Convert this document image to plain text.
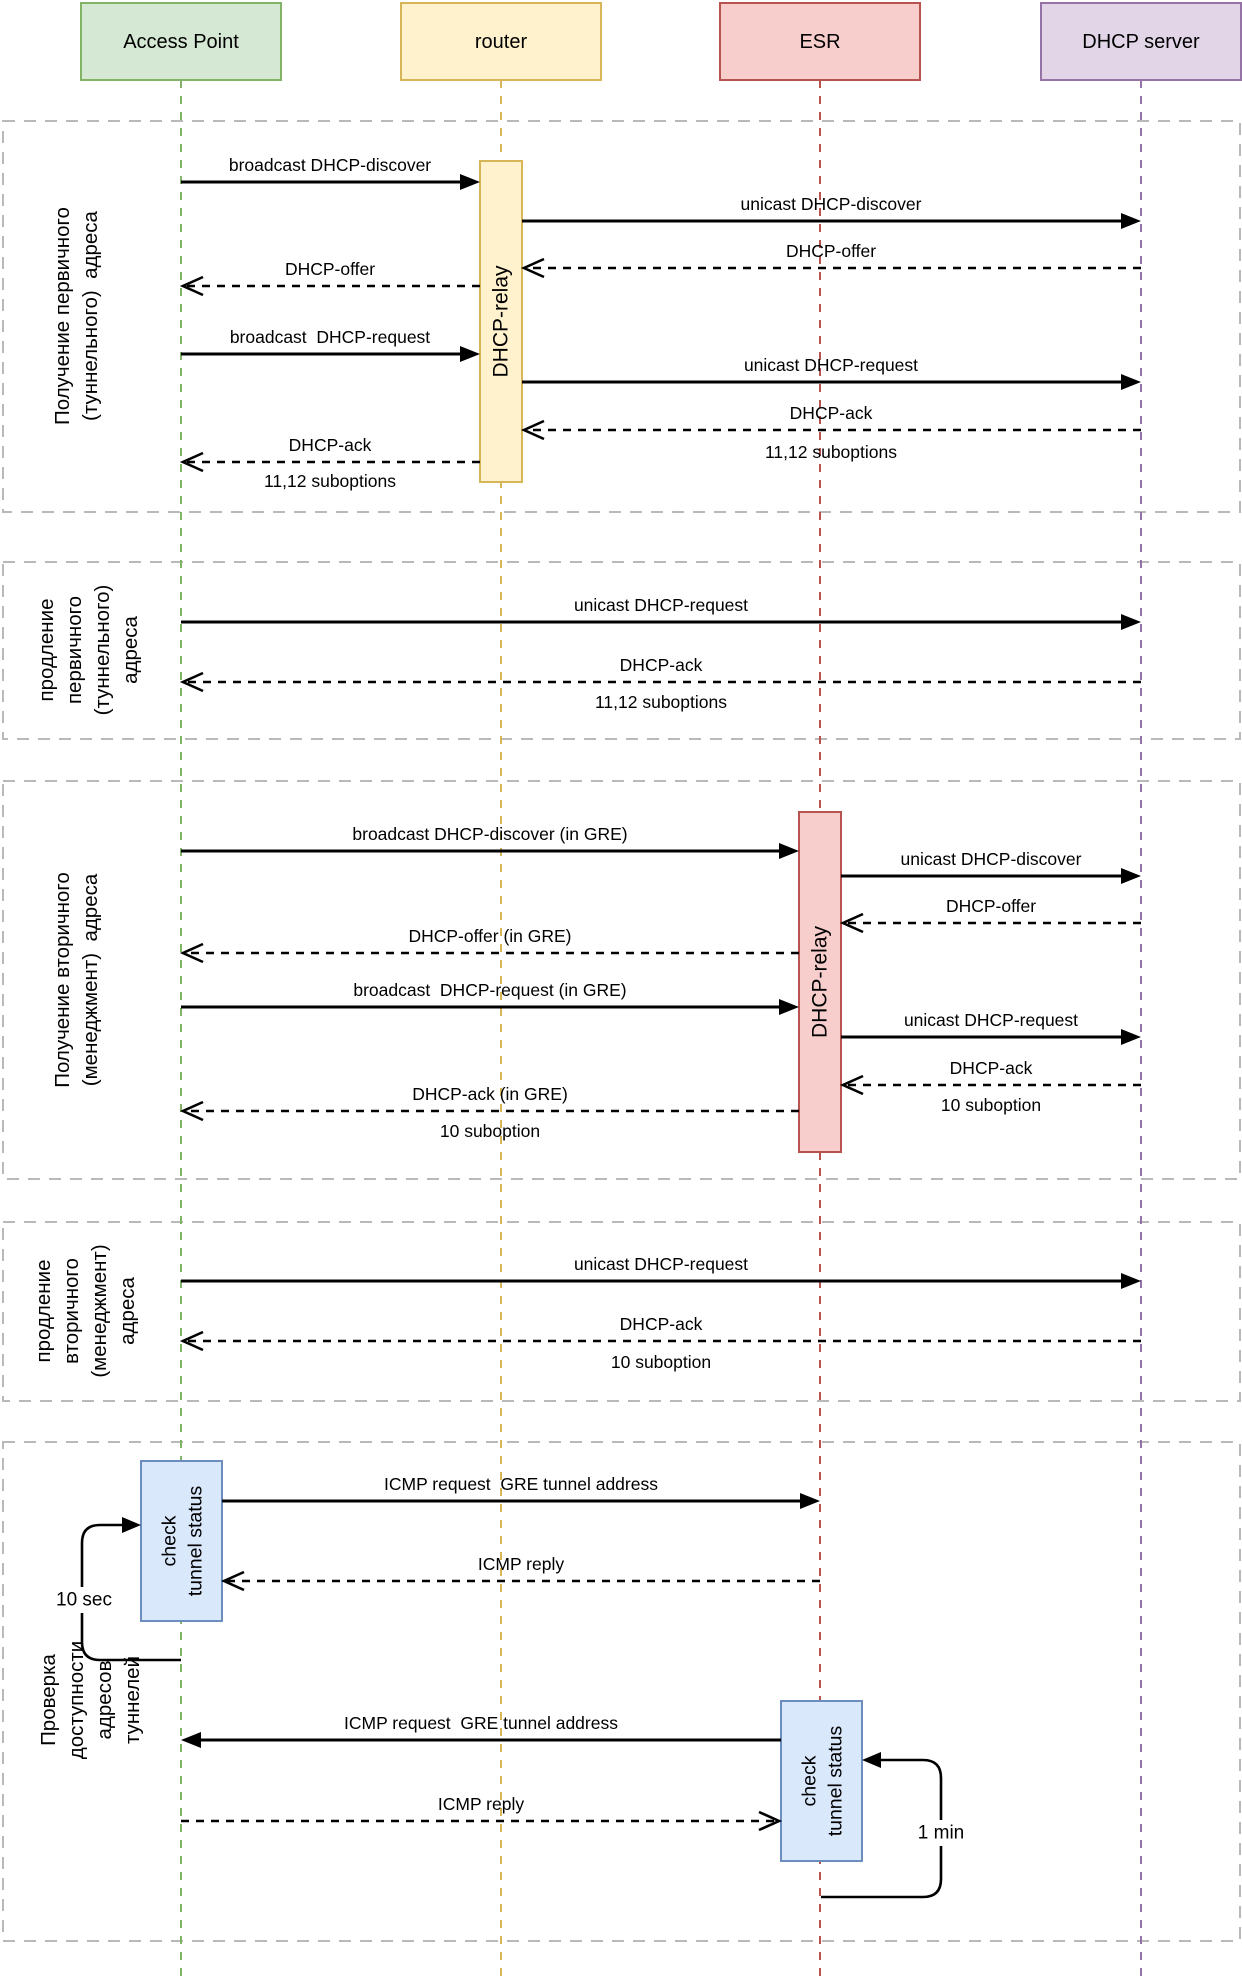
DHCP-relay
DHCP-relay
check tunnel status
check tunnel status
Access Point	router	ESR	DHCP server
Получение первичного (туннельного)  адреса
продление первичного (туннельного) адреса
Получение вторичного (менеджмент)  адреса
продление вторичного (менеджмент) адреса
Проверка доступности адресов туннелей
broadcast DHCP-discover
unicast DHCP-discover
DHCP-offer
DHCP-offer
broadcast  DHCP-request
unicast DHCP-request
DHCP-ack
11,12 suboptions
DHCP-ack
11,12 suboptions
unicast DHCP-request
DHCP-ack
11,12 suboptions
broadcast DHCP-discover (in GRE)
unicast DHCP-discover
DHCP-offer
DHCP-offer (in GRE)
broadcast  DHCP-request (in GRE)
unicast DHCP-request
DHCP-ack
10 suboption
DHCP-ack (in GRE)
10 suboption
unicast DHCP-request
DHCP-ack
10 suboption
ICMP request  GRE tunnel address
ICMP reply
ICMP request  GRE tunnel address
ICMP reply
10 sec
1 min
